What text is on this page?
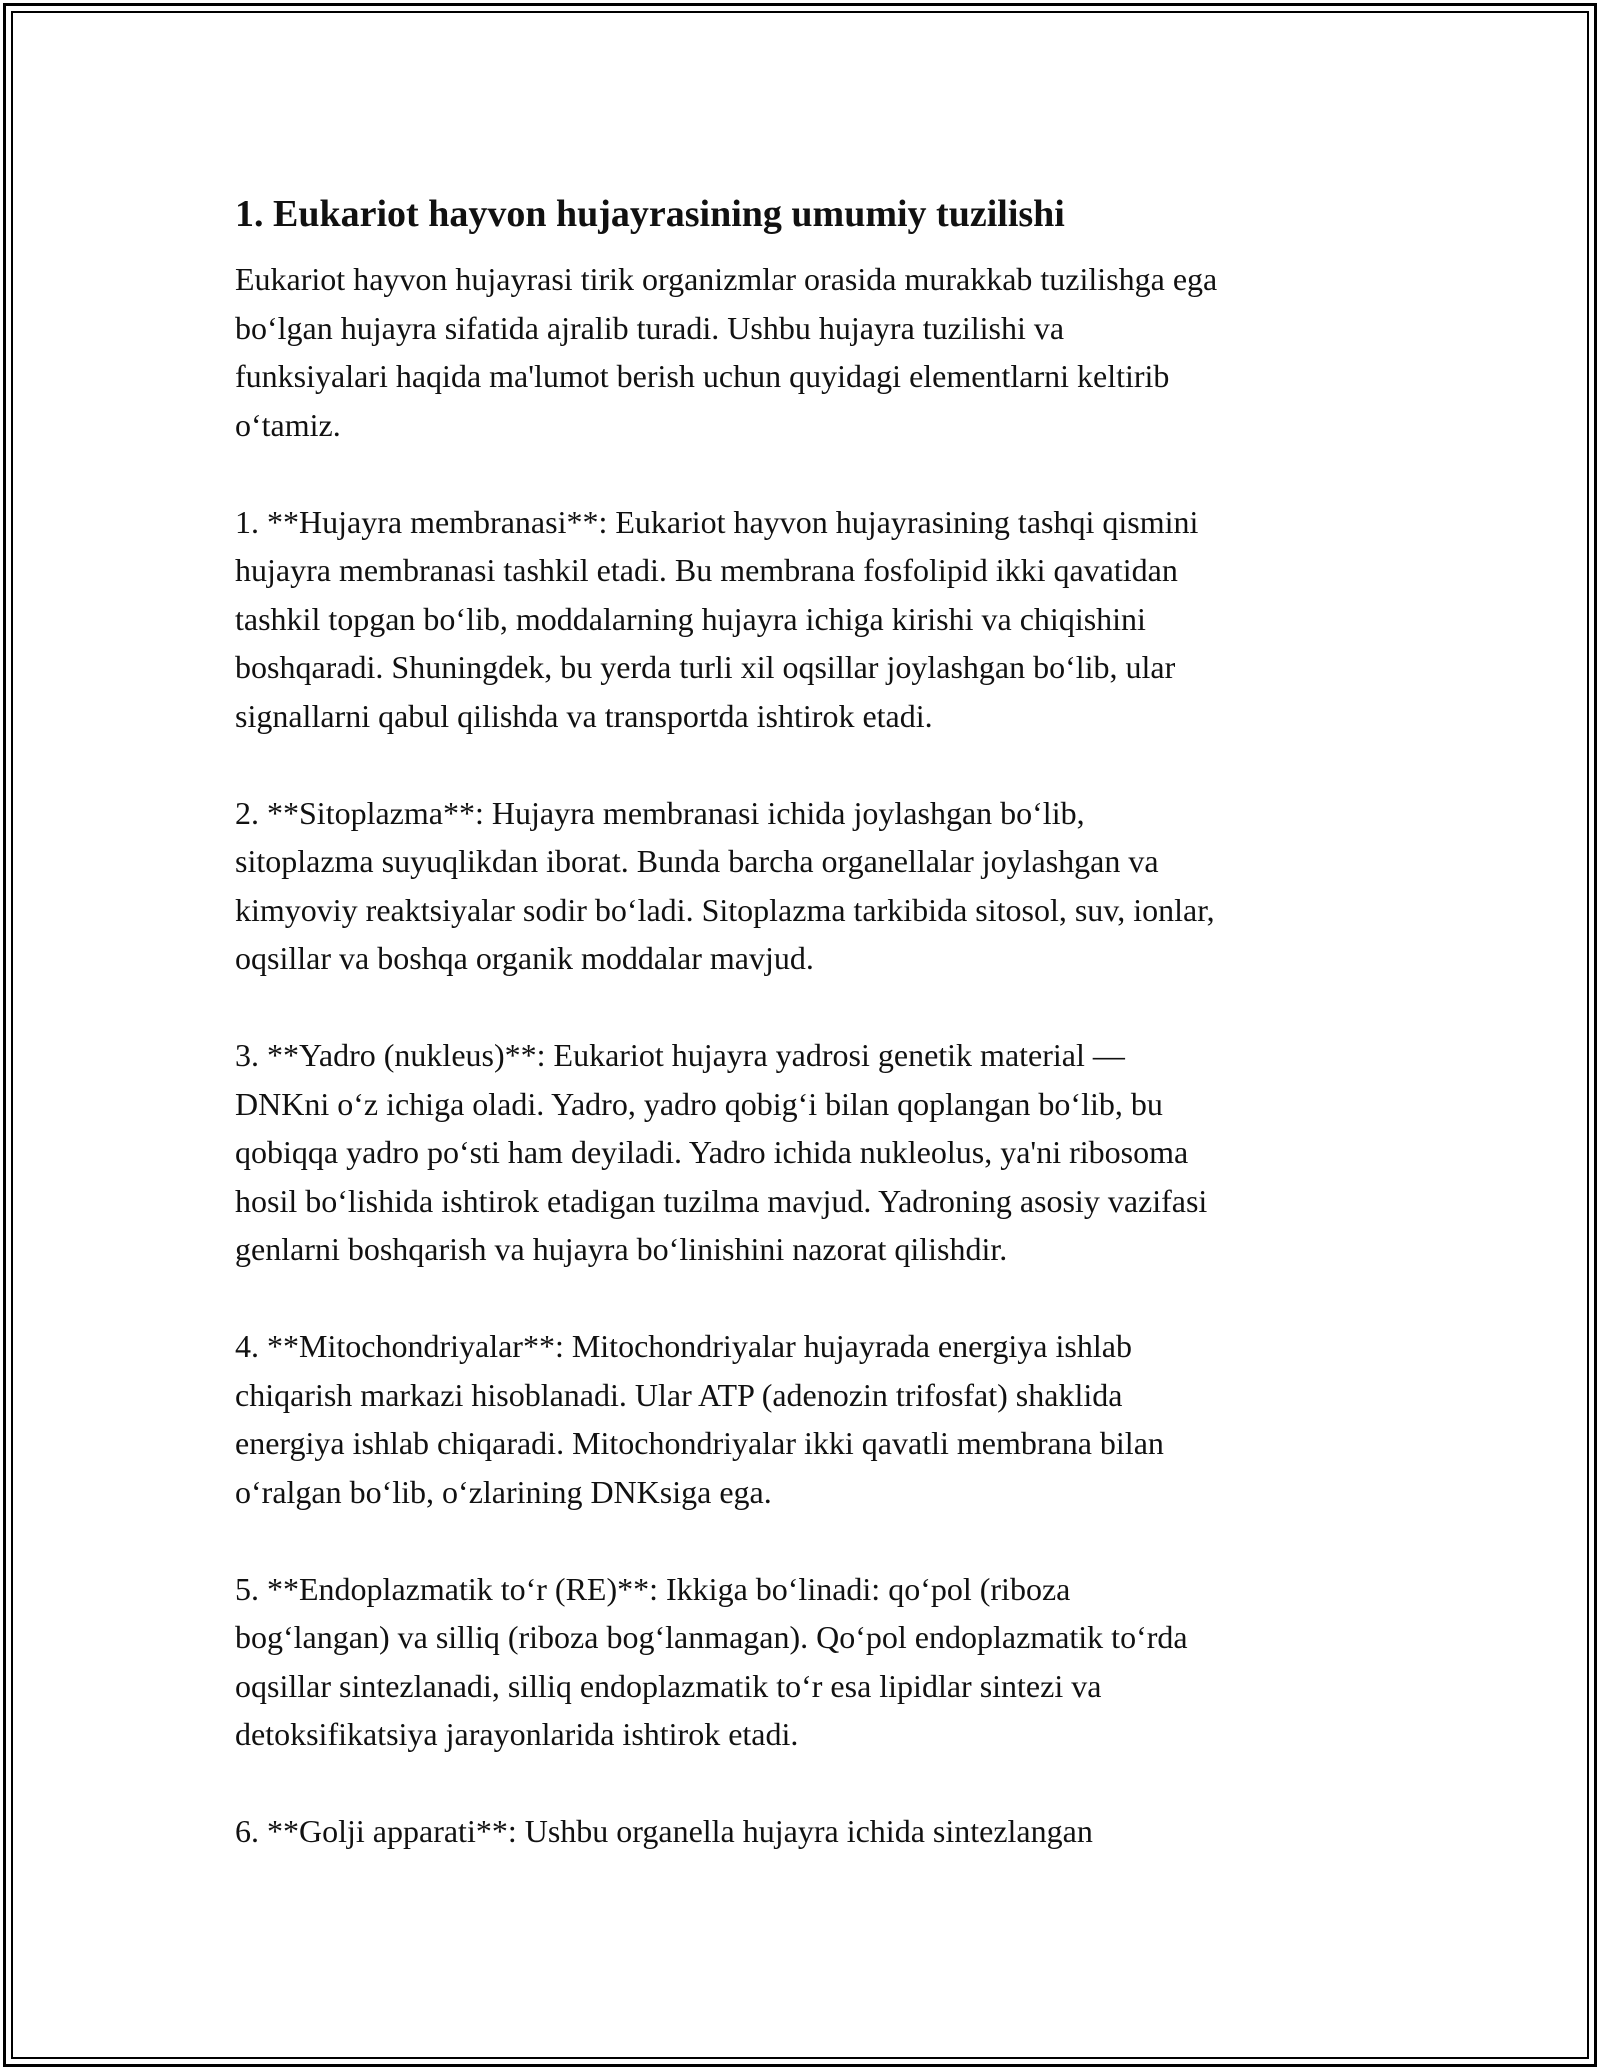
1. Eukariot hayvon hujayrasining umumiy tuzilishi
Eukariot hayvon hujayrasi tirik organizmlar orasida murakkab tuzilishga ega
bo‘lgan hujayra sifatida ajralib turadi. Ushbu hujayra tuzilishi va
funksiyalari haqida ma'lumot berish uchun quyidagi elementlarni keltirib
o‘tamiz.
1. **Hujayra membranasi**: Eukariot hayvon hujayrasining tashqi qismini
hujayra membranasi tashkil etadi. Bu membrana fosfolipid ikki qavatidan
tashkil topgan bo‘lib, moddalarning hujayra ichiga kirishi va chiqishini
boshqaradi. Shuningdek, bu yerda turli xil oqsillar joylashgan bo‘lib, ular
signallarni qabul qilishda va transportda ishtirok etadi.
2. **Sitoplazma**: Hujayra membranasi ichida joylashgan bo‘lib,
sitoplazma suyuqlikdan iborat. Bunda barcha organellalar joylashgan va
kimyoviy reaktsiyalar sodir bo‘ladi. Sitoplazma tarkibida sitosol, suv, ionlar,
oqsillar va boshqa organik moddalar mavjud.
3. **Yadro (nukleus)**: Eukariot hujayra yadrosi genetik material —
DNKni o‘z ichiga oladi. Yadro, yadro qobig‘i bilan qoplangan bo‘lib, bu
qobiqqa yadro po‘sti ham deyiladi. Yadro ichida nukleolus, ya'ni ribosoma
hosil bo‘lishida ishtirok etadigan tuzilma mavjud. Yadroning asosiy vazifasi
genlarni boshqarish va hujayra bo‘linishini nazorat qilishdir.
4. **Mitochondriyalar**: Mitochondriyalar hujayrada energiya ishlab
chiqarish markazi hisoblanadi. Ular ATP (adenozin trifosfat) shaklida
energiya ishlab chiqaradi. Mitochondriyalar ikki qavatli membrana bilan
o‘ralgan bo‘lib, o‘zlarining DNKsiga ega.
5. **Endoplazmatik to‘r (RE)**: Ikkiga bo‘linadi: qo‘pol (riboza
bog‘langan) va silliq (riboza bog‘lanmagan). Qo‘pol endoplazmatik to‘rda
oqsillar sintezlanadi, silliq endoplazmatik to‘r esa lipidlar sintezi va
detoksifikatsiya jarayonlarida ishtirok etadi.
6. **Golji apparati**: Ushbu organella hujayra ichida sintezlangan
